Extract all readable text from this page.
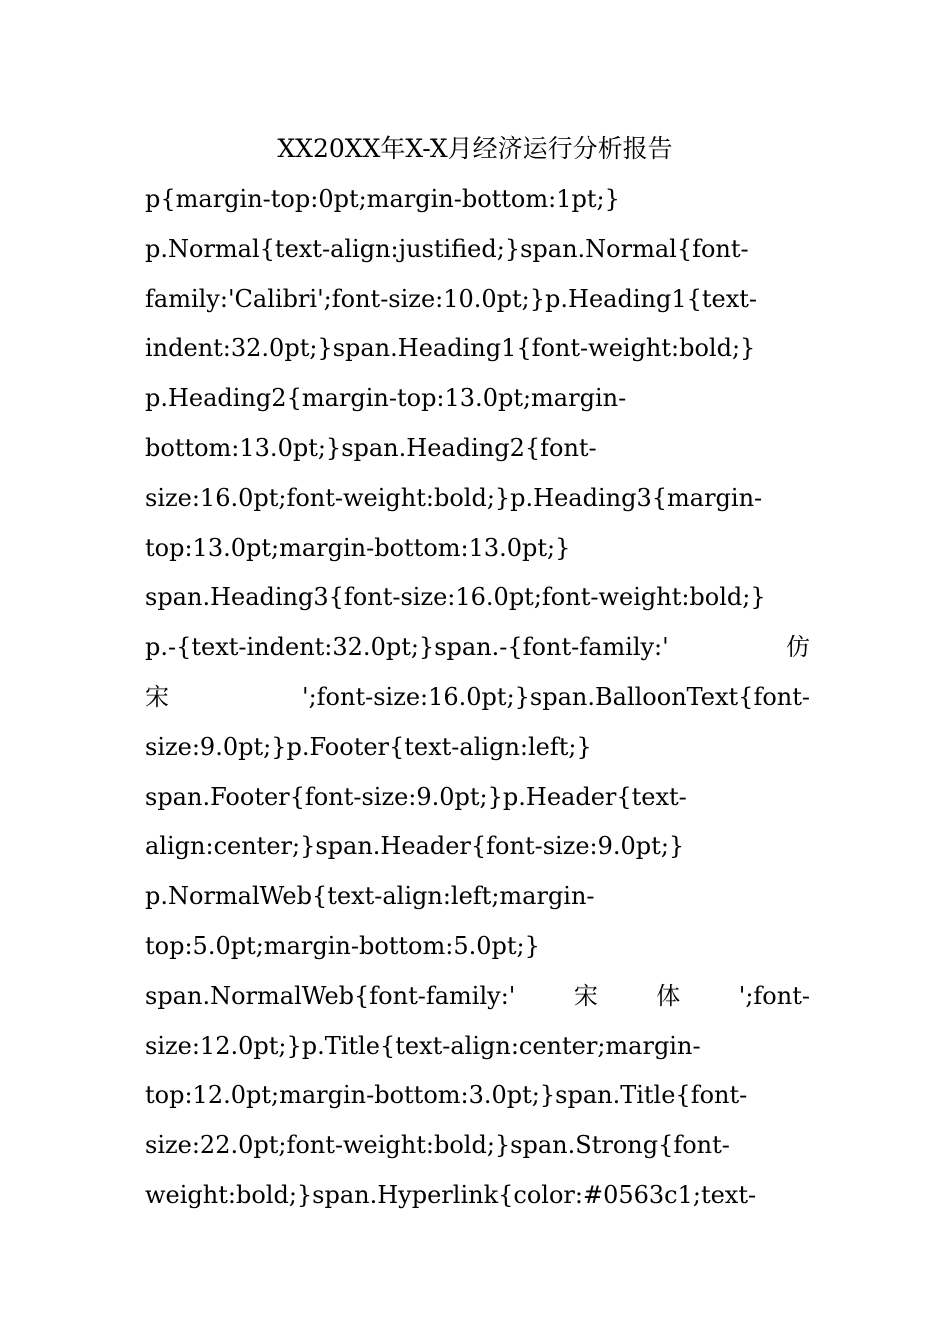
XX20XX年X-X月经济运行分析报告
p{margin-top:0pt;margin-bottom:1pt;}
p.Normal{text-align:justified;}span.Normal{font-
family:'Calibri';font-size:10.0pt;}p.Heading1{text-
indent:32.0pt;}span.Heading1{font-weight:bold;}
p.Heading2{margin-top:13.0pt;margin-
bottom:13.0pt;}span.Heading2{font-
size:16.0pt;font-weight:bold;}p.Heading3{margin-
top:13.0pt;margin-bottom:13.0pt;}
span.Heading3{font-size:16.0pt;font-weight:bold;}
p.-{text-indent:32.0pt;}span.-{font-family:'	仿
宋	';font-size:16.0pt;}span.BalloonText{font-
size:9.0pt;}p.Footer{text-align:left;}
span.Footer{font-size:9.0pt;}p.Header{text-
align:center;}span.Header{font-size:9.0pt;}
p.NormalWeb{text-align:left;margin-
top:5.0pt;margin-bottom:5.0pt;}
span.NormalWeb{font-family:' 宋 体 ';font-
size:12.0pt;}p.Title{text-align:center;margin-
top:12.0pt;margin-bottom:3.0pt;}span.Title{font-
size:22.0pt;font-weight:bold;}span.Strong{font-
weight:bold;}span.Hyperlink{color:#0563c1;text-
